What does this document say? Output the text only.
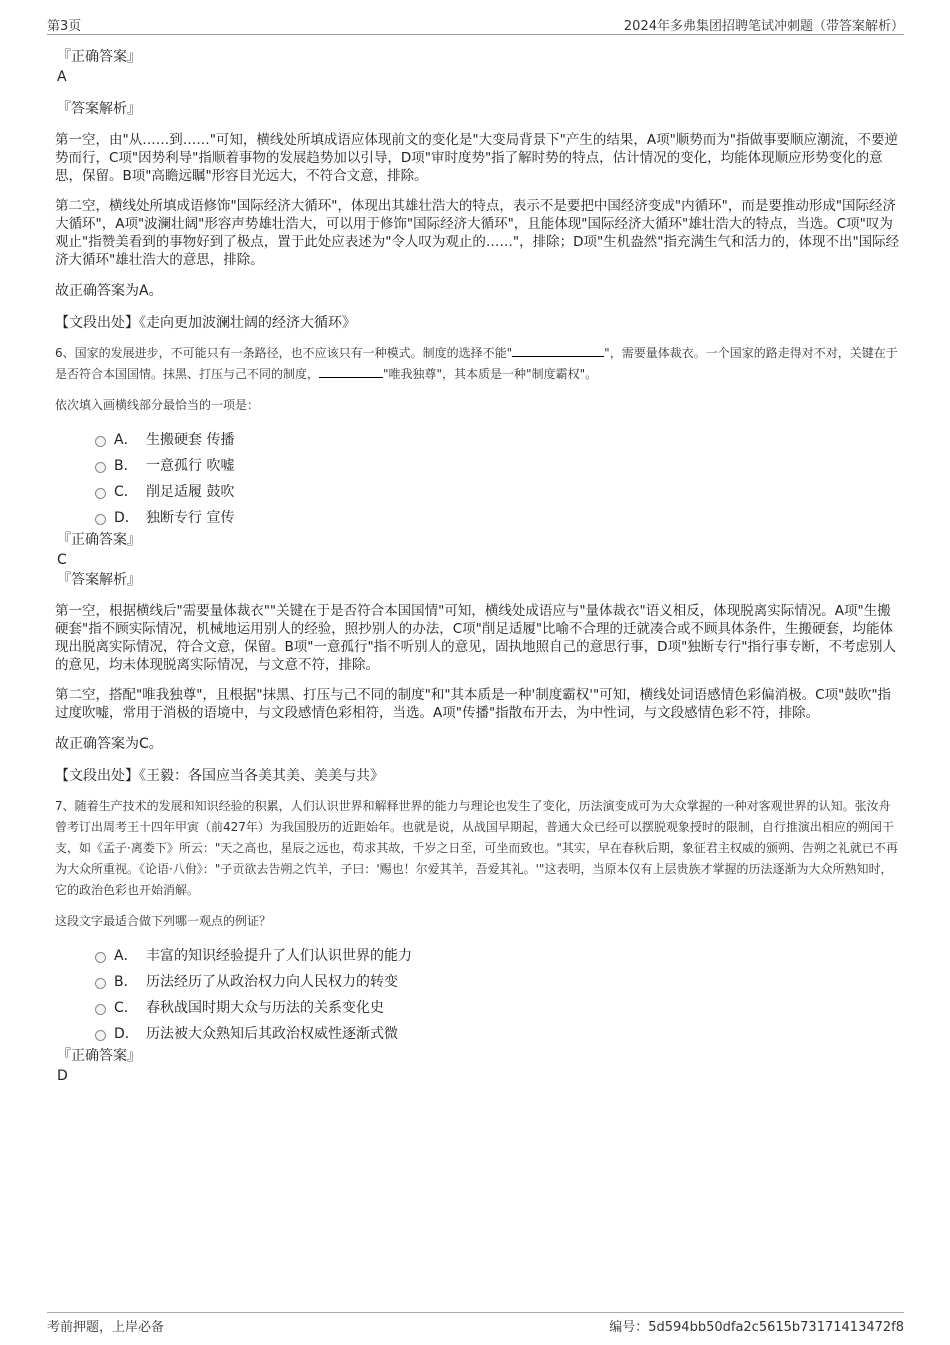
第3页	2024年多弗集团招聘笔试冲刺题（带答案解析）
『正确答案』
A
『答案解析』

第一空，由"从……到……"可知，横线处所填成语应体现前文的变化是"大变局背景下"产生的结果，A项"顺势而为"指做事要顺应潮流，不要逆势而行，C项"因势利导"指顺着事物的发展趋势加以引导，D项"审时度势"指了解时势的特点，估计情况的变化，均能体现顺应形势变化的意思，保留。B项"高瞻远瞩"形容目光远大，不符合文意，排除。

第二空，横线处所填成语修饰"国际经济大循环"，体现出其雄壮浩大的特点，表示不是要把中国经济变成"内循环"，而是要推动形成"国际经济大循环"，A项"波澜壮阔"形容声势雄壮浩大，可以用于修饰"国际经济大循环"，且能体现"国际经济大循环"雄壮浩大的特点，当选。C项"叹为观止"指赞美看到的事物好到了极点，置于此处应表述为"令人叹为观止的……"，排除；D项"生机盎然"指充满生气和活力的，体现不出"国际经济大循环"雄壮浩大的意思，排除。

故正确答案为A。
【文段出处】《走向更加波澜壮阔的经济大循环》

6、国家的发展进步，不可能只有一条路径，也不应该只有一种模式。制度的选择不能"	"，需要量体裁衣。一个国家的路走得对不对，关键在于是否符合本国国情。抹黑、打压与己不同的制度，	"唯我独尊"，其本质是一种"制度霸权"。

依次填入画横线部分最恰当的一项是：

A． 生搬硬套 传播
B． 一意孤行 吹嘘
C． 削足适履 鼓吹
D． 独断专行 宣传
『正确答案』
C
『答案解析』

第一空，根据横线后"需要量体裁衣""关键在于是否符合本国国情"可知，横线处成语应与"量体裁衣"语义相反，体现脱离实际情况。A项"生搬硬套"指不顾实际情况，机械地运用别人的经验，照抄别人的办法，C项"削足适履"比喻不合理的迁就凑合或不顾具体条件，生搬硬套，均能体现出脱离实际情况，符合文意，保留。B项"一意孤行"指不听别人的意见，固执地照自己的意思行事，D项"独断专行"指行事专断，不考虑别人的意见，均未体现脱离实际情况，与文意不符，排除。

第二空，搭配"唯我独尊"，且根据"抹黑、打压与己不同的制度"和"其本质是一种'制度霸权'"可知，横线处词语感情色彩偏消极。C项"鼓吹"指过度吹嘘，常用于消极的语境中，与文段感情色彩相符，当选。A项"传播"指散布开去，为中性词，与文段感情色彩不符，排除。

故正确答案为C。
【文段出处】《王毅：各国应当各美其美、美美与共》

7、随着生产技术的发展和知识经验的积累，人们认识世界和解释世界的能力与理论也发生了变化，历法演变成可为大众掌握的一种对客观世界的认知。张汝舟曾考订出周考王十四年甲寅（前427年）为我国殷历的近距始年。也就是说，从战国早期起，普通大众已经可以摆脱观象授时的限制，自行推演出相应的朔闰干支，如《孟子·离娄下》所云："天之高也，星辰之远也，苟求其故，千岁之日至，可坐而致也。"其实，早在春秋后期，象征君主权威的颁朔、告朔之礼就已不再为大众所重视。《论语·八佾》："子贡欲去告朔之饩羊，子曰：'赐也！尔爱其羊，吾爱其礼。'"这表明，当原本仅有上层贵族才掌握的历法逐渐为大众所熟知时，它的政治色彩也开始消解。

这段文字最适合做下列哪一观点的例证？

A． 丰富的知识经验提升了人们认识世界的能力
B． 历法经历了从政治权力向人民权力的转变
C． 春秋战国时期大众与历法的关系变化史
D． 历法被大众熟知后其政治权威性逐渐式微
『正确答案』
D
考前押题，上岸必备	编号：5d594bb50dfa2c5615b73171413472f8
